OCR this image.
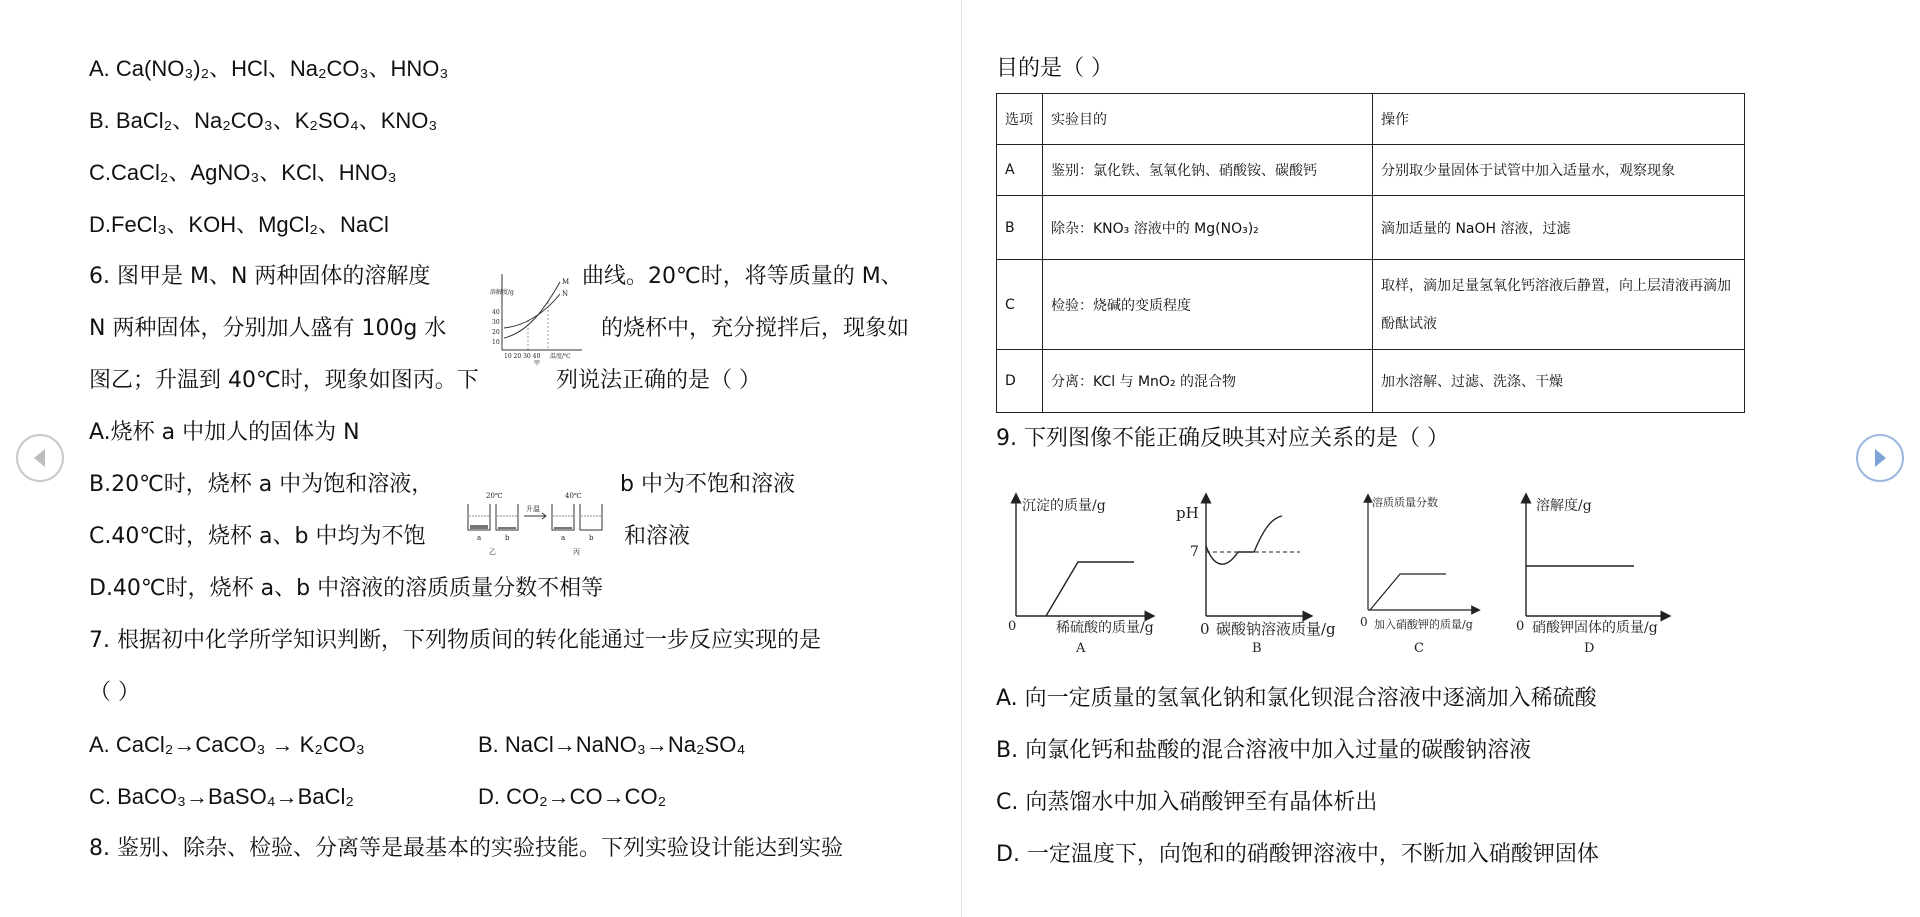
A. Ca(NO₃)₂、HCl、Na₂CO₃、HNO₃
B. BaCl₂、Na₂CO₃、K₂SO₄、KNO₃
C.CaCl₂、AgNO₃、KCl、HNO₃
D.FeCl₃、KOH、MgCl₂、NaCl
6. 图甲是 M、N 两种固体的溶解度	曲线。20℃时，将等质量的 M、
N 两种固体，分别加人盛有 100g 水	的烧杯中，充分搅拌后，现象如
图乙；升温到 40℃时，现象如图丙。下	列说法正确的是（ ）
溶解度/g
40
30
20
10
M
N
10 20 30 40 温度/℃
甲
A.烧杯 a 中加人的固体为 N
B.20℃时，烧杯 a 中为饱和溶液，	b 中为不饱和溶液
C.40℃时，烧杯 a、b 中均为不饱	和溶液
D.40℃时，烧杯 a、b 中溶液的溶质质量分数不相等
20℃	40℃
升温
a	b	a	b
乙	丙
7. 根据初中化学所学知识判断，下列物质间的转化能通过一步反应实现的是
（ ）
A. CaCl₂→CaCO₃ → K₂CO₃	B. NaCl→NaNO₃→Na₂SO₄
C. BaCO₃→BaSO₄→BaCl₂	D. CO₂→CO→CO₂
8. 鉴别、除杂、检验、分离等是最基本的实验技能。下列实验设计能达到实验
目的是（ ）
选项	实验目的	操作
A	鉴别：氯化铁、氢氧化钠、硝酸铵、碳酸钙	分别取少量固体于试管中加入适量水，观察现象
B	除杂：KNO₃ 溶液中的 Mg(NO₃)₂	滴加适量的 NaOH 溶液，过滤
C	检验：烧碱的变质程度	取样，滴加足量氢氧化钙溶液后静置，向上层清液再滴加酚酞试液
D	分离：KCl 与 MnO₂ 的混合物	加水溶解、过滤、洗涤、干燥
9. 下列图像不能正确反映其对应关系的是（ ）
沉淀的质量/g
0	稀硫酸的质量/g
A
pH
7
0 碳酸钠溶液质量/g
B
溶质质量分数
0 加入硝酸钾的质量/g
C
溶解度/g
0 硝酸钾固体的质量/g
D
A. 向一定质量的氢氧化钠和氯化钡混合溶液中逐滴加入稀硫酸
B. 向氯化钙和盐酸的混合溶液中加入过量的碳酸钠溶液
C. 向蒸馏水中加入硝酸钾至有晶体析出
D. 一定温度下，向饱和的硝酸钾溶液中，不断加入硝酸钾固体
